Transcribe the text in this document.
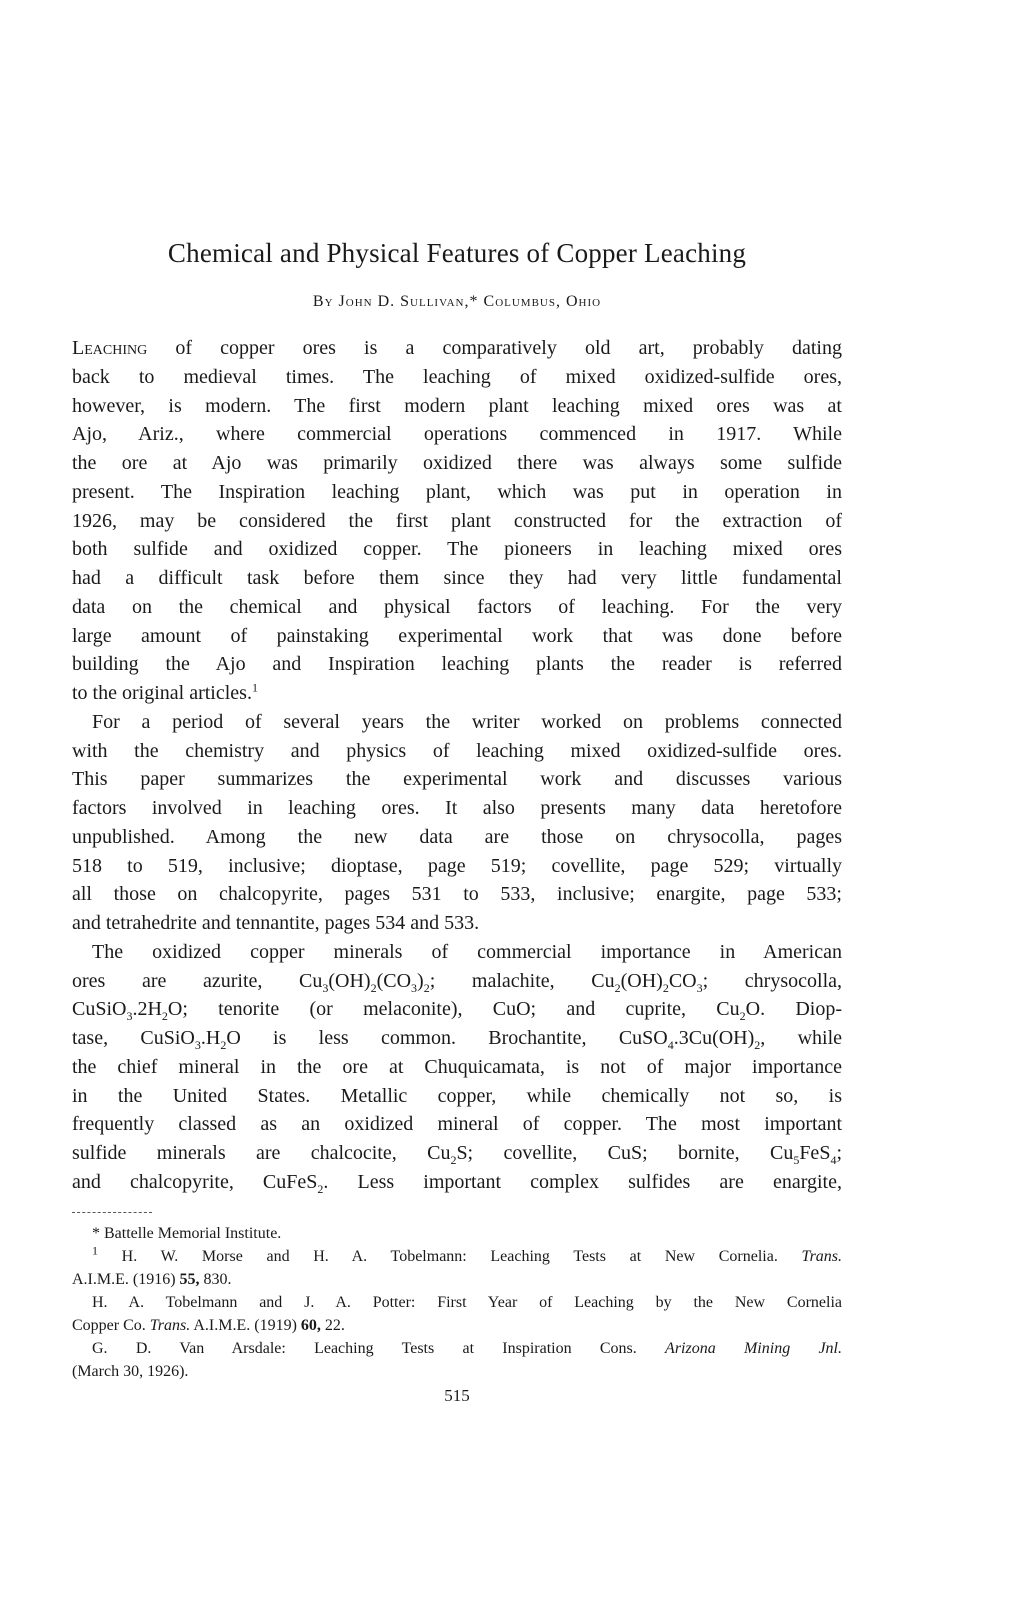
Chemical and Physical Features of Copper Leaching
By John D. Sullivan,* Columbus, Ohio
Leaching of copper ores is a comparatively old art, probably dating
back to medieval times. The leaching of mixed oxidized-sulfide ores,
however, is modern. The first modern plant leaching mixed ores was at
Ajo, Ariz., where commercial operations commenced in 1917. While
the ore at Ajo was primarily oxidized there was always some sulfide
present. The Inspiration leaching plant, which was put in operation in
1926, may be considered the first plant constructed for the extraction of
both sulfide and oxidized copper. The pioneers in leaching mixed ores
had a difficult task before them since they had very little fundamental
data on the chemical and physical factors of leaching. For the very
large amount of painstaking experimental work that was done before
building the Ajo and Inspiration leaching plants the reader is referred
to the original articles.$^1$
For a period of several years the writer worked on problems connected
with the chemistry and physics of leaching mixed oxidized-sulfide ores.
This paper summarizes the experimental work and discusses various
factors involved in leaching ores. It also presents many data heretofore
unpublished. Among the new data are those on chrysocolla, pages
518 to 519, inclusive; dioptase, page 519; covellite, page 529; virtually
all those on chalcopyrite, pages 531 to 533, inclusive; enargite, page 533;
and tetrahedrite and tennantite, pages 534 and 533.
The oxidized copper minerals of commercial importance in American
ores are azurite, $Cu_3(OH)_2(CO_3)_2$; malachite, $Cu_2(OH)_2CO_3$; chrysocolla,
$CuSiO_3.2H_2O$; tenorite (or melaconite), CuO; and cuprite, $Cu_2O$. Diop-
tase, $CuSiO_3.H_2O$ is less common. Brochantite, $CuSO_4.3Cu(OH)_2$, while
the chief mineral in the ore at Chuquicamata, is not of major importance
in the United States. Metallic copper, while chemically not so, is
frequently classed as an oxidized mineral of copper. The most important
sulfide minerals are chalcocite, $Cu_2S$; covellite, CuS; bornite, $Cu_5FeS_4$;
and chalcopyrite, CuFeS$_2$. Less important complex sulfides are enargite,
* Battelle Memorial Institute.
$^1$ H. W. Morse and H. A. Tobelmann: Leaching Tests at New Cornelia. Trans.
A.I.M.E. (1916) 55, 830.
H. A. Tobelmann and J. A. Potter: First Year of Leaching by the New Cornelia
Copper Co. Trans. A.I.M.E. (1919) 60, 22.
G. D. Van Arsdale: Leaching Tests at Inspiration Cons. Arizona Mining Jnl.
(March 30, 1926).
515
